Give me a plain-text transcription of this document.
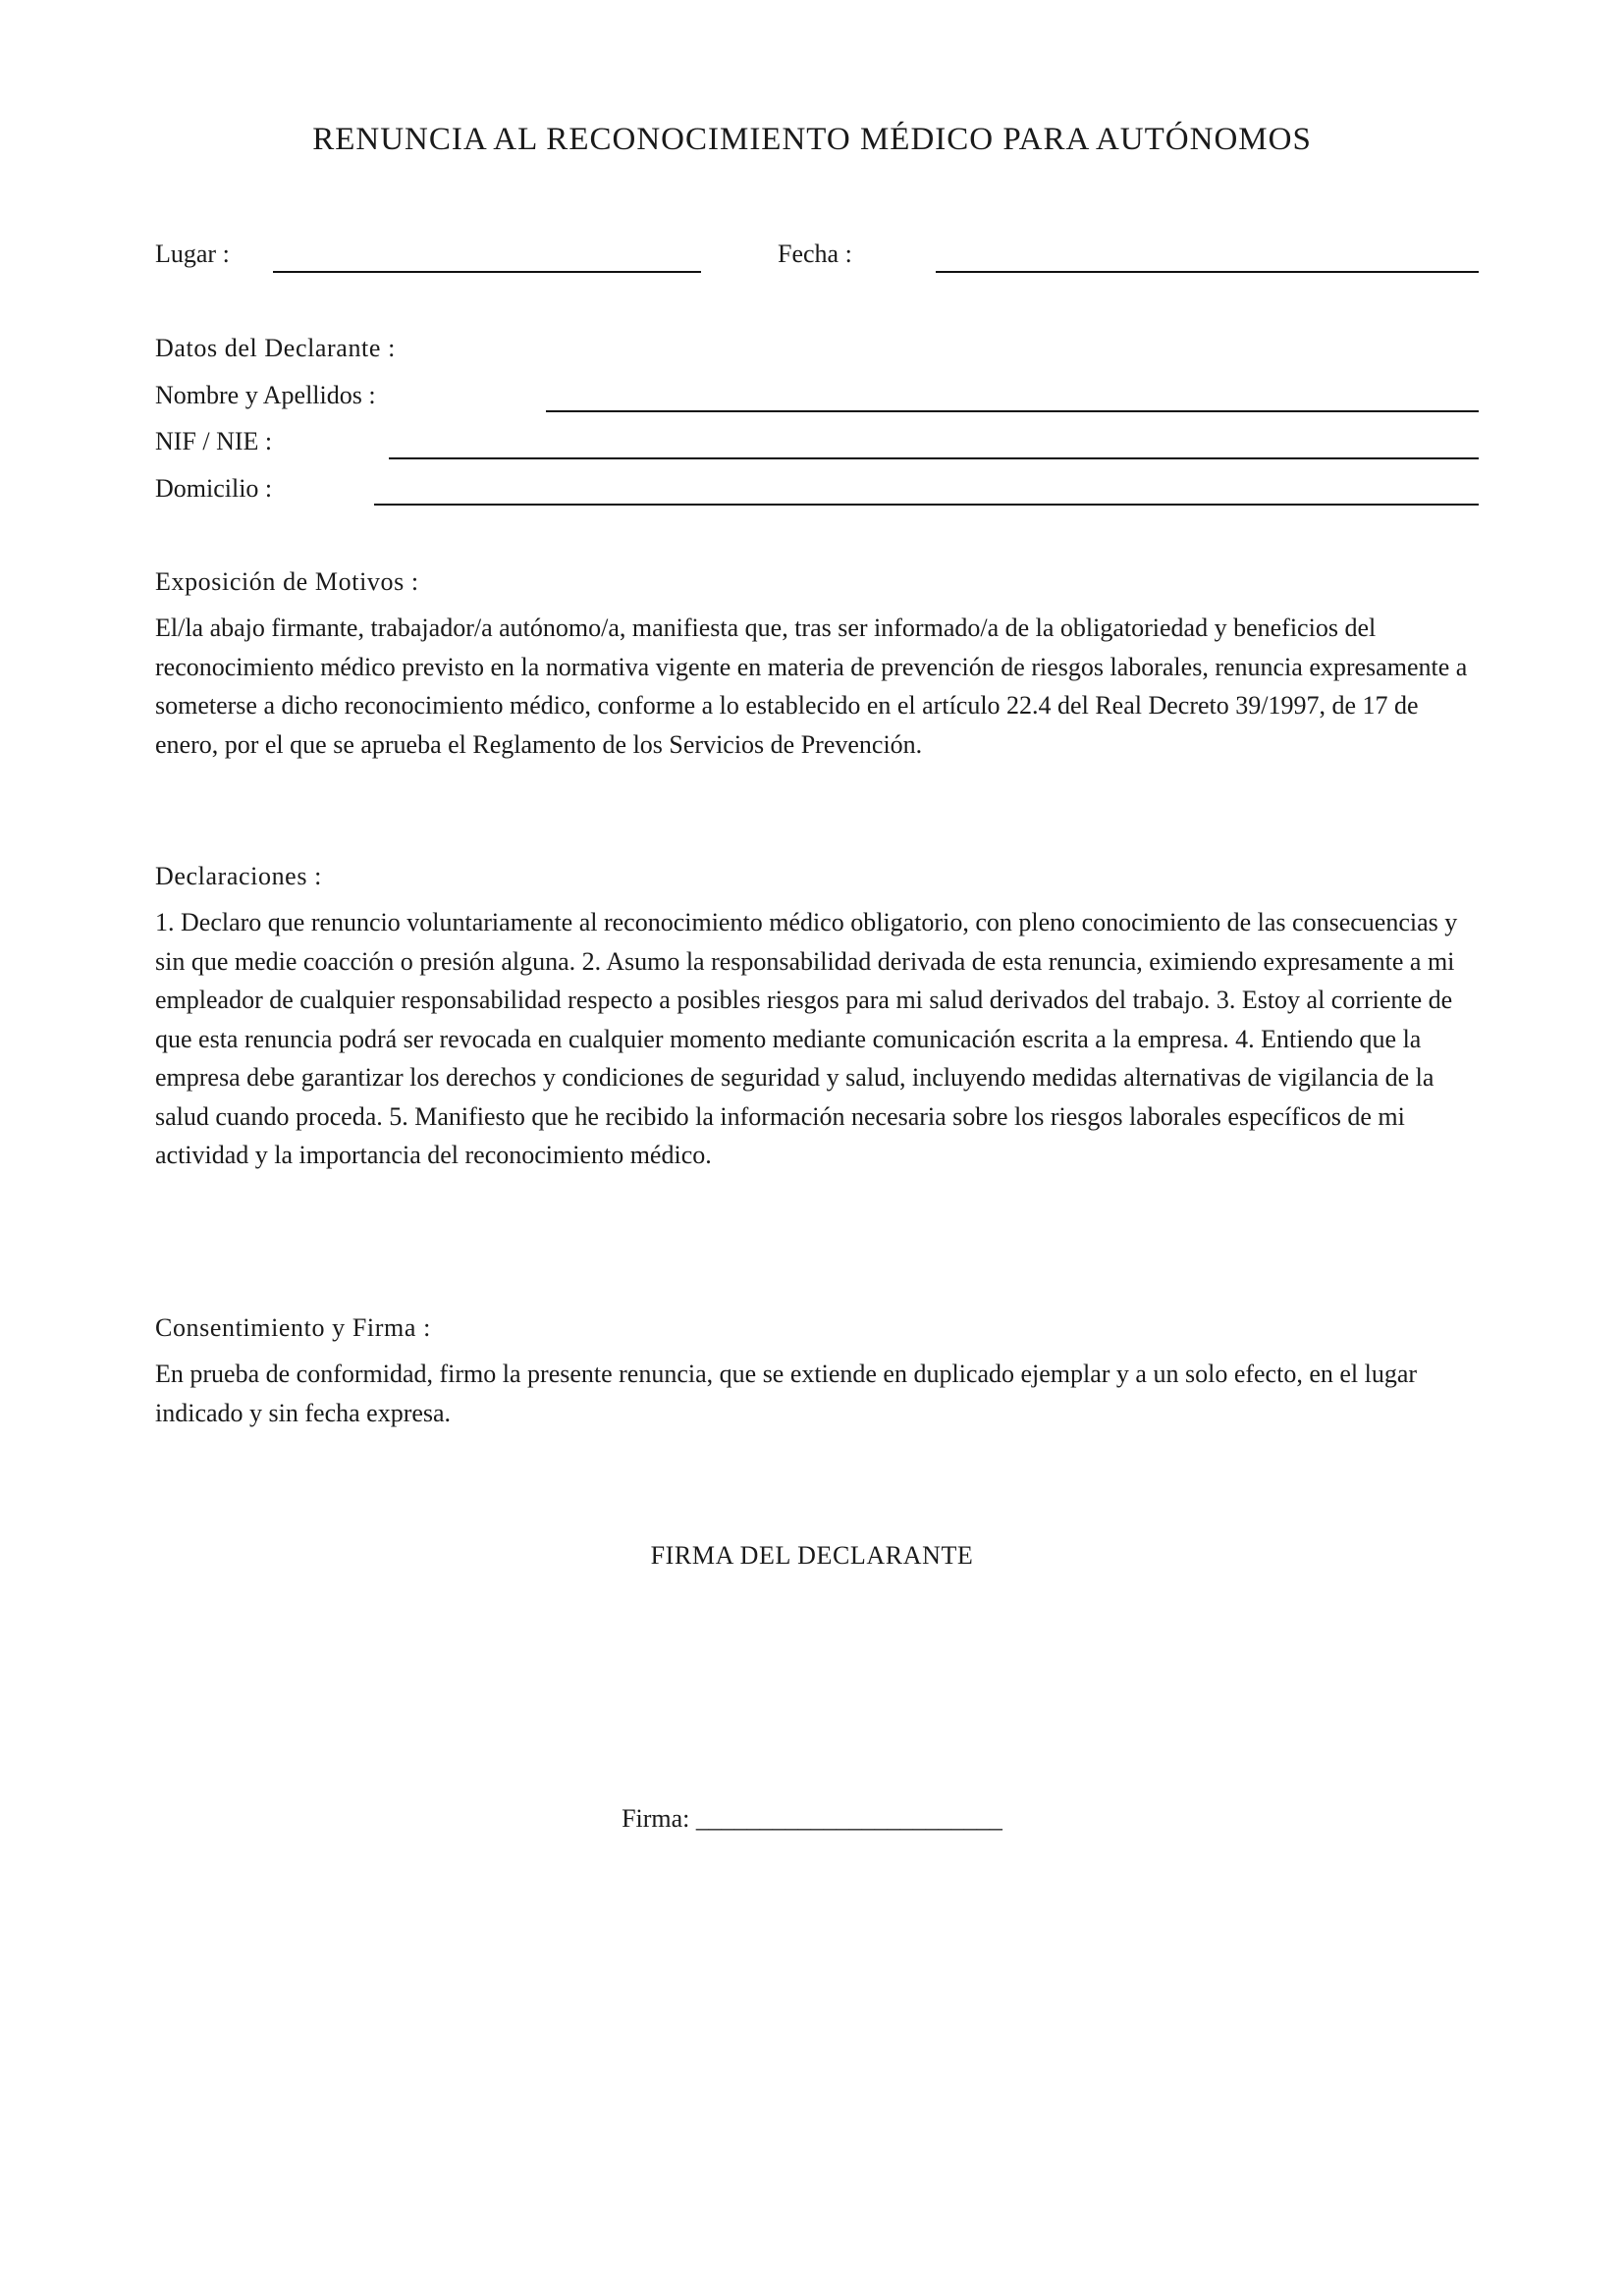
RENUNCIA AL RECONOCIMIENTO MÉDICO PARA AUTÓNOMOS
Lugar :	Fecha :
Datos del Declarante :
Nombre y Apellidos :
NIF / NIE :
Domicilio :
Exposición de Motivos :

El/la abajo firmante, trabajador/a autónomo/a, manifiesta que, tras ser informado/a de la obligatoriedad y beneficios del reconocimiento médico previsto en la normativa vigente en materia de prevención de riesgos laborales, renuncia expresamente a someterse a dicho reconocimiento médico, conforme a lo establecido en el artículo 22.4 del Real Decreto 39/1997, de 17 de enero, por el que se aprueba el Reglamento de los Servicios de Prevención.

Declaraciones :

1. Declaro que renuncio voluntariamente al reconocimiento médico obligatorio, con pleno conocimiento de las consecuencias y sin que medie coacción o presión alguna. 2. Asumo la responsabilidad derivada de esta renuncia, eximiendo expresamente a mi empleador de cualquier responsabilidad respecto a posibles riesgos para mi salud derivados del trabajo. 3. Estoy al corriente de que esta renuncia podrá ser revocada en cualquier momento mediante comunicación escrita a la empresa. 4. Entiendo que la empresa debe garantizar los derechos y condiciones de seguridad y salud, incluyendo medidas alternativas de vigilancia de la salud cuando proceda. 5. Manifiesto que he recibido la información necesaria sobre los riesgos laborales específicos de mi actividad y la importancia del reconocimiento médico.

Consentimiento y Firma :

En prueba de conformidad, firmo la presente renuncia, que se extiende en duplicado ejemplar y a un solo efecto, en el lugar indicado y sin fecha expresa.

FIRMA DEL DECLARANTE
Firma: ________________________
